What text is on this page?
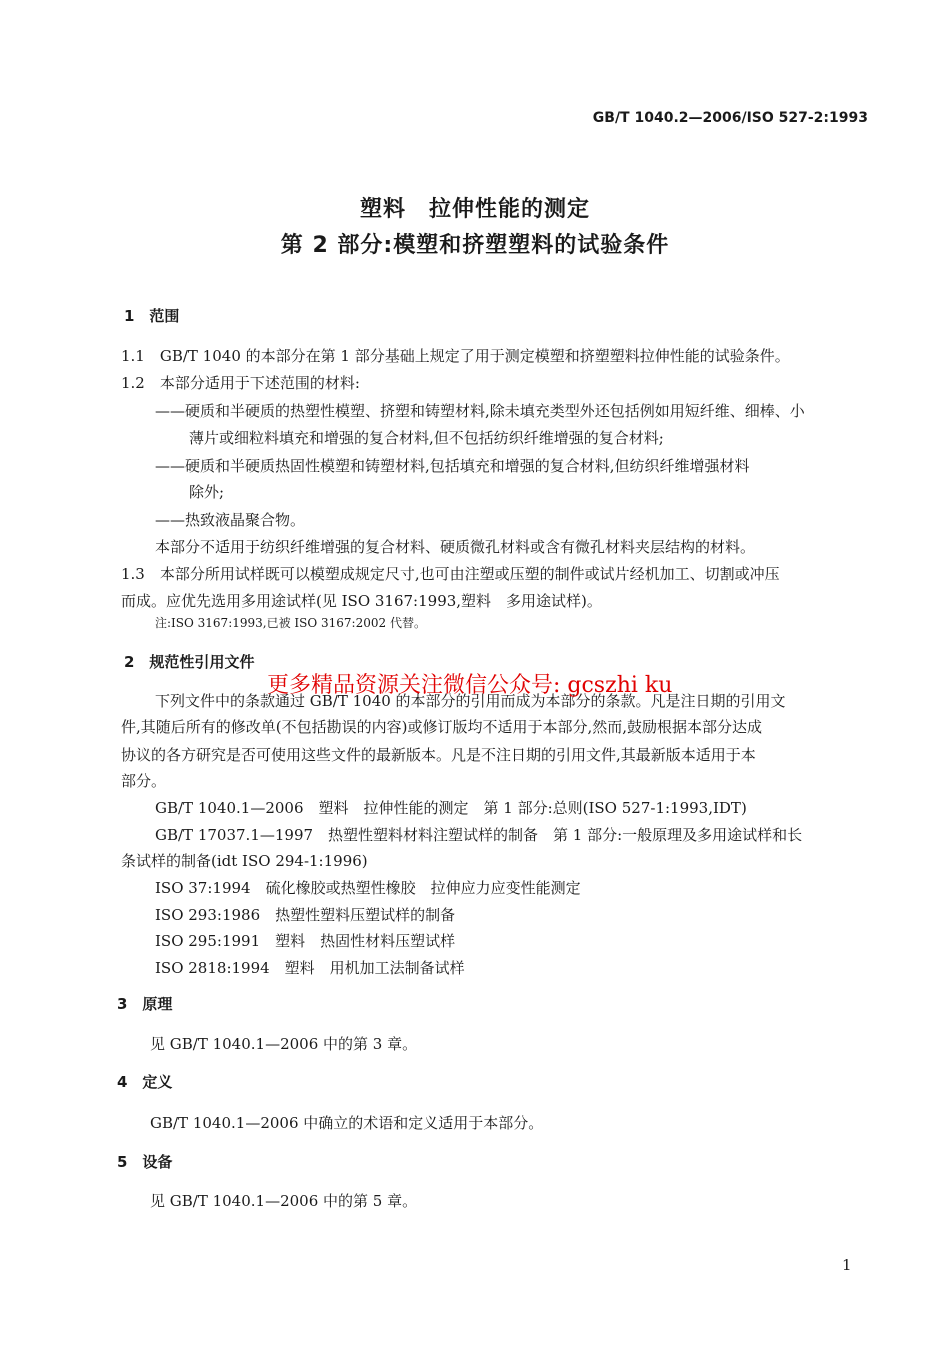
GB/T 1040.2—2006/ISO 527-2:1993
塑料　拉伸性能的测定
第 2 部分:模塑和挤塑塑料的试验条件
1　范围
1.1　GB/T 1040 的本部分在第 1 部分基础上规定了用于测定模塑和挤塑塑料拉伸性能的试验条件。
1.2　本部分适用于下述范围的材料:
——硬质和半硬质的热塑性模塑、挤塑和铸塑材料,除未填充类型外还包括例如用短纤维、细棒、小
薄片或细粒料填充和增强的复合材料,但不包括纺织纤维增强的复合材料;
——硬质和半硬质热固性模塑和铸塑材料,包括填充和增强的复合材料,但纺织纤维增强材料
除外;
——热致液晶聚合物。
本部分不适用于纺织纤维增强的复合材料、硬质微孔材料或含有微孔材料夹层结构的材料。
1.3　本部分所用试样既可以模塑成规定尺寸,也可由注塑或压塑的制件或试片经机加工、切割或冲压
而成。应优先选用多用途试样(见 ISO 3167:1993,塑料　多用途试样)。
注:ISO 3167:1993,已被 ISO 3167:2002 代替。
2　规范性引用文件
下列文件中的条款通过 GB/T 1040 的本部分的引用而成为本部分的条款。凡是注日期的引用文
件,其随后所有的修改单(不包括勘误的内容)或修订版均不适用于本部分,然而,鼓励根据本部分达成
协议的各方研究是否可使用这些文件的最新版本。凡是不注日期的引用文件,其最新版本适用于本
部分。
GB/T 1040.1—2006　塑料　拉伸性能的测定　第 1 部分:总则(ISO 527-1:1993,IDT)
GB/T 17037.1—1997　热塑性塑料材料注塑试样的制备　第 1 部分:一般原理及多用途试样和长
条试样的制备(idt ISO 294-1:1996)
ISO 37:1994　硫化橡胶或热塑性橡胶　拉伸应力应变性能测定
ISO 293:1986　热塑性塑料压塑试样的制备
ISO 295:1991　塑料　热固性材料压塑试样
ISO 2818:1994　塑料　用机加工法制备试样
更多精品资源关注微信公众号: gcszhi ku
3　原理
见 GB/T 1040.1—2006 中的第 3 章。
4　定义
GB/T 1040.1—2006 中确立的术语和定义适用于本部分。
5　设备
见 GB/T 1040.1—2006 中的第 5 章。
1
